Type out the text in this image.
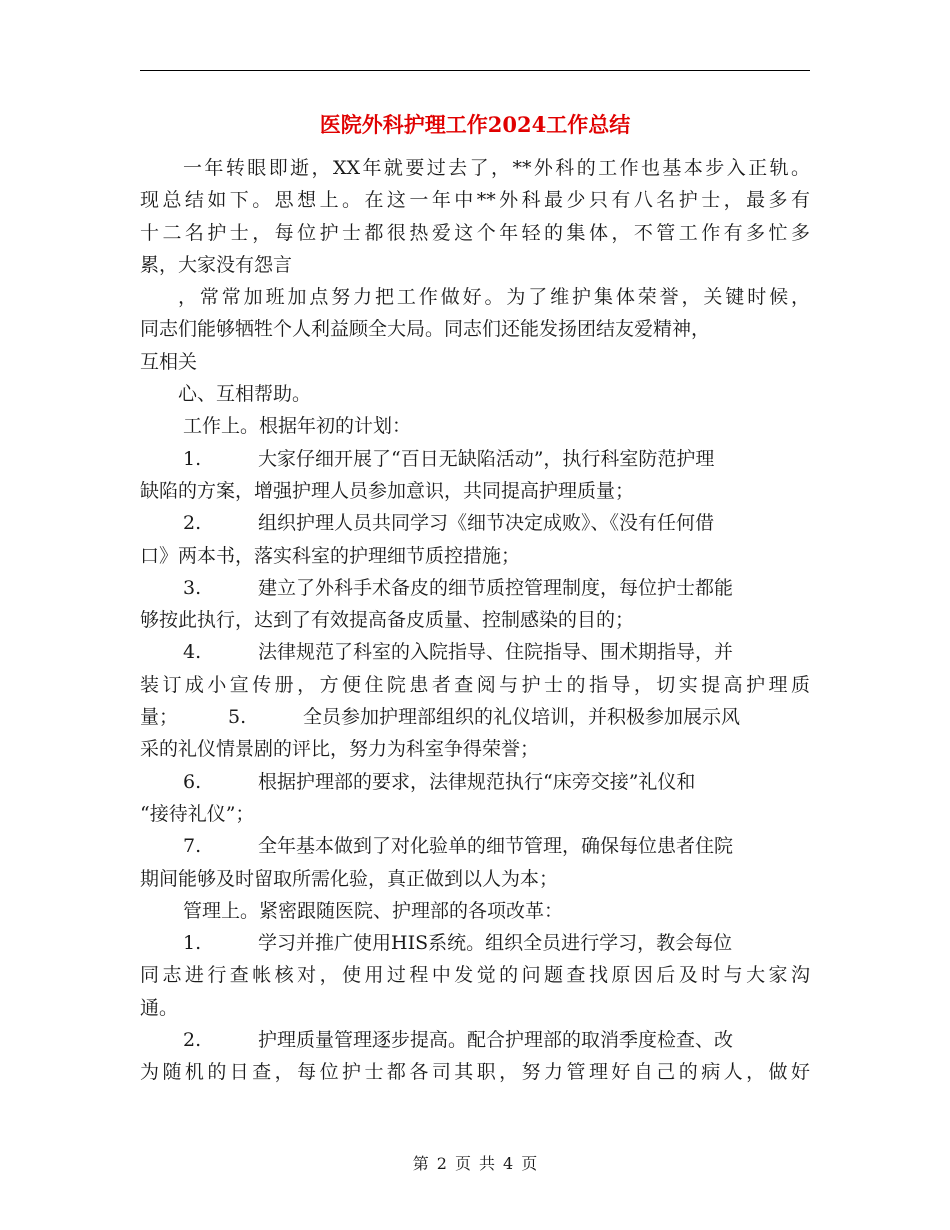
医院外科护理工作2024工作总结
一年转眼即逝，XX年就要过去了，**外科的工作也基本步入正轨。
现总结如下。思想上。在这一年中**外科最少只有八名护士，最多有
十二名护士，每位护士都很热爱这个年轻的集体，不管工作有多忙多
累，大家没有怨言
，常常加班加点努力把工作做好。为了维护集体荣誉，关键时候，
同志们能够牺牲个人利益顾全大局。同志们还能发扬团结友爱精神，
互相关
心、互相帮助。
工作上。根据年初的计划：
1.	大家仔细开展了“百日无缺陷活动”，执行科室防范护理
缺陷的方案，增强护理人员参加意识，共同提高护理质量；
2.	组织护理人员共同学习《细节决定成败》、《没有任何借
口》两本书，落实科室的护理细节质控措施；
3.	建立了外科手术备皮的细节质控管理制度，每位护士都能
够按此执行，达到了有效提高备皮质量、控制感染的目的；
4.	法律规范了科室的入院指导、住院指导、围术期指导，并
装订成小宣传册，方便住院患者查阅与护士的指导，切实提高护理质
量；	5.	全员参加护理部组织的礼仪培训，并积极参加展示风
采的礼仪情景剧的评比，努力为科室争得荣誉；
6.	根据护理部的要求，法律规范执行“床旁交接”礼仪和
“接待礼仪”；
7.	全年基本做到了对化验单的细节管理，确保每位患者住院
期间能够及时留取所需化验，真正做到以人为本；
管理上。紧密跟随医院、护理部的各项改革：
1.	学习并推广使用HIS系统。组织全员进行学习，教会每位
同志进行查帐核对，使用过程中发觉的问题查找原因后及时与大家沟
通。
2.	护理质量管理逐步提高。配合护理部的取消季度检查、改
为随机的日查，每位护士都各司其职，努力管理好自己的病人，做好
第 2 页 共 4 页
